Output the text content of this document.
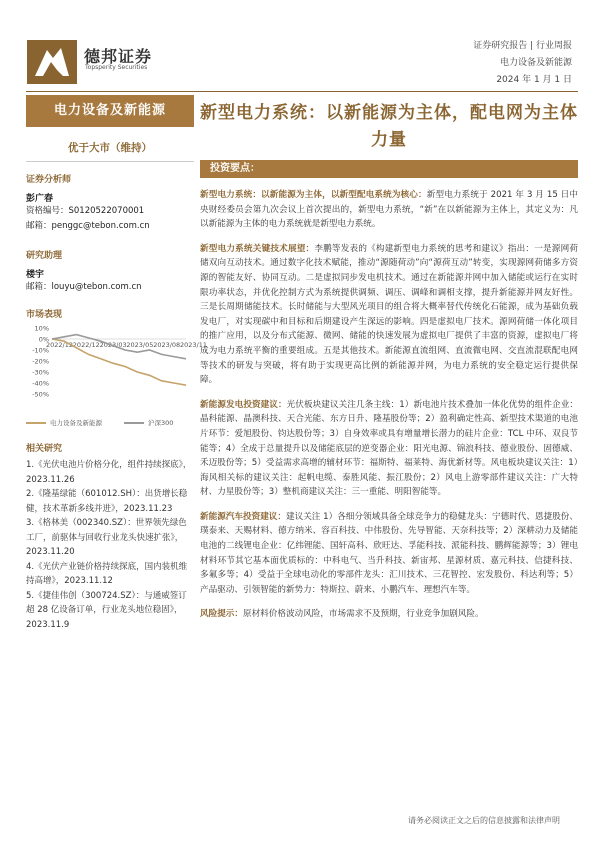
德邦证券
Topsperity Securities
证券研究报告 | 行业周报
电力设备及新能源
2024 年 1 月 1 日
电力设备及新能源
优于大市（维持）
证券分析师
彭广春
资格编号：S0120522070001
邮箱：penggc@tebon.com.cn
研究助理
楼宇
邮箱：louyu@tebon.com.cn
市场表现
10%
0%
-10%
-20%
-30%
-40%
-50%
2022/12 2022/12 2023/03 2023/05 2023/08 2023/11
电力设备及新能源	沪深300
相关研究
1.《光伏电池片价格分化，组件持续探底》，2023.11.26
2.《隆基绿能（601012.SH）：出货增长稳健，技术革新多线并进》，2023.11.23
3.《格林美（002340.SZ）：世界领先绿色工厂，前驱体与回收行业龙头快速扩张》，2023.11.20
4.《光伏产业链价格持续探底，国内装机维持高增》，2023.11.12
5.《捷佳伟创（300724.SZ）：与通威签订超 28 亿设备订单，行业龙头地位稳固》，2023.11.9
新型电力系统：以新能源为主体，配电网为主体力量
投资要点：
新型电力系统：以新能源为主体，以新型配电系统为核心：新型电力系统于 2021 年 3 月 15 日中央财经委员会第九次会议上首次提出的，新型电力系统，“新”在以新能源为主体上，其定义为：凡以新能源为主体的电力系统就是新型电力系统。
新型电力系统关键技术展望：李鹏等发表的《构建新型电力系统的思考和建议》指出：一是源网荷储双向互动技术。通过数字化技术赋能，推动“源随荷动”向“源荷互动”转变，实现源网荷储多方资源的智能友好、协同互动。二是虚拟同步发电机技术。通过在新能源并网中加入储能或运行在实时限功率状态，并优化控制方式为系统提供调频、调压、调峰和调相支撑，提升新能源并网友好性。三是长周期储能技术。长时储能与大型风光项目的组合将大概率替代传统化石能源，成为基础负载发电厂，对实现碳中和目标和后期建设产生深远的影响。四是虚拟电厂技术。源网荷储一体化项目的推广应用，以及分布式能源、微网、储能的快速发展为虚拟电厂提供了丰富的资源，虚拟电厂将成为电力系统平衡的重要组成。五是其他技术。新能源直流组网、直流微电网、交直流混联配电网等技术的研发与突破，将有助于实现更高比例的新能源并网，为电力系统的安全稳定运行提供保障。
新能源发电投资建议：光伏板块建议关注几条主线：1）新电池片技术叠加一体化优势的组件企业：晶科能源、晶澳科技、天合光能、东方日升、隆基股份等；2）盈利确定性高、新型技术渠道的电池片环节：爱旭股份、钧达股份等；3）自身效率或具有增量增长潜力的硅片企业：TCL 中环、双良节能等；4）全成于总量提升以及储能底层的逆变器企业：阳光电源、锦浪科技、德业股份、固德威、禾迈股份等；5）受益需求高增的辅材环节：福斯特、福莱特、海优新材等。风电板块建议关注：1）海风相关标的建议关注：起帆电缆、泰胜风能、振江股份；2）风电上游零部件建议关注：广大特材、力星股份等；3）整机商建议关注：三一重能、明阳智能等。
新能源汽车投资建议：建议关注 1）各细分领域具备全球竞争力的稳健龙头：宁德时代、恩捷股份、璞泰来、天赐材料、德方纳米、容百科技、中伟股份、先导智能、天奈科技等；2）深耕动力及储能电池的二线锂电企业：亿纬锂能、国轩高科、欣旺达、孚能科技、派能科技、鹏辉能源等；3）锂电材料环节其它基本面优质标的：中科电气、当升科技、新宙邦、星源材质、嘉元科技、信捷科技、多氟多等；4）受益于全球电动化的零部件龙头：汇川技术、三花智控、宏发股份、科达利等；5）产品驱动、引领智能的新势力：特斯拉、蔚来、小鹏汽车、理想汽车等。
风险提示：原材料价格波动风险，市场需求不及预期，行业竞争加剧风险。
请务必阅读正文之后的信息披露和法律声明
